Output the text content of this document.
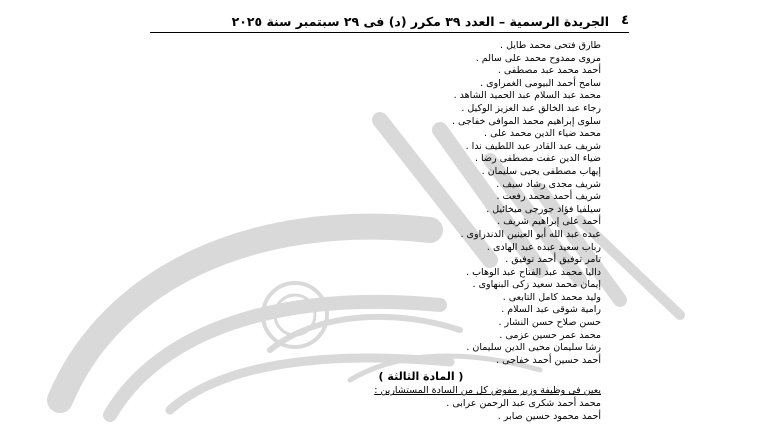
٤
الجريدة الرسمية – العدد ٣٩ مكرر (د) فى ٢٩ سبتمبر سنة ٢٠٢٥
طارق فتحى محمد طايل .
مروى ممدوح محمد على سالم .
أحمد محمد عبد مصطفى .
سامح أحمد البيومى الغمراوى .
محمد عبد السلام عبد الحميد الشاهد .
رجاء عبد الخالق عبد العزيز الوكيل .
سلوى إبراهيم محمد الموافى خفاجى .
محمد ضياء الدين محمد على .
شريف عبد القادر عبد اللطيف ندا .
ضياء الدين عفت مصطفى رضا .
إيهاب مصطفى يحيى سليمان .
شريف مجدى رشاد سيف .
شريف أحمد محمد رفعت .
سيلفيا فؤاد جورجى ميخائيل .
أحمد على إبراهيم شريف .
عبده عبد الله أبو العينين الدندراوى .
رباب سعيد عبده عبد الهادى .
تامر توفيق أحمد توفيق .
داليا محمد عبد الفتاح عبد الوهاب .
إيمان محمد سعيد زكى البنهاوى .
وليد محمد كامل التابعى .
رامية شوقى عبد السلام .
حسن صلاح حسن النشار .
محمد عمر حسين عزمى .
رشا سليمان محيى الدين سليمان .
أحمد حسين أحمد خفاجى .
( المادة الثالثة )
يعين فى وظيفة وزير مفوض كل من السادة المستشارين :
محمد أحمد شكرى عبد الرحمن عرابى .
أحمد محمود حسين صابر .
